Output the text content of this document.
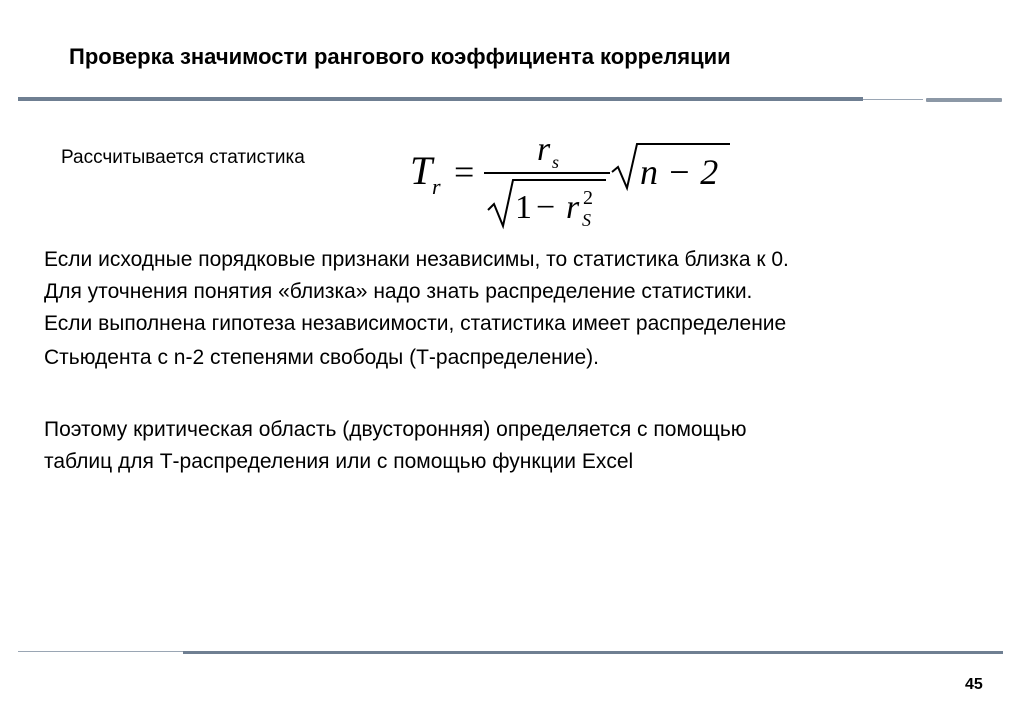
Проверка значимости рангового коэффициента корреляции
Рассчитывается статистика	T r =
r s
1 − r 2
S
n − 2
Если исходные порядковые признаки независимы, то статистика близка к 0.
Для уточнения понятия «близка» надо знать распределение статистики.
Если выполнена гипотеза независимости, статистика имеет распределение
Стьюдента с n-2 степенями свободы (Т-распределение).
Поэтому критическая область (двусторонняя) определяется с помощью
таблиц для Т-распределения или с помощью функции Excel
45
